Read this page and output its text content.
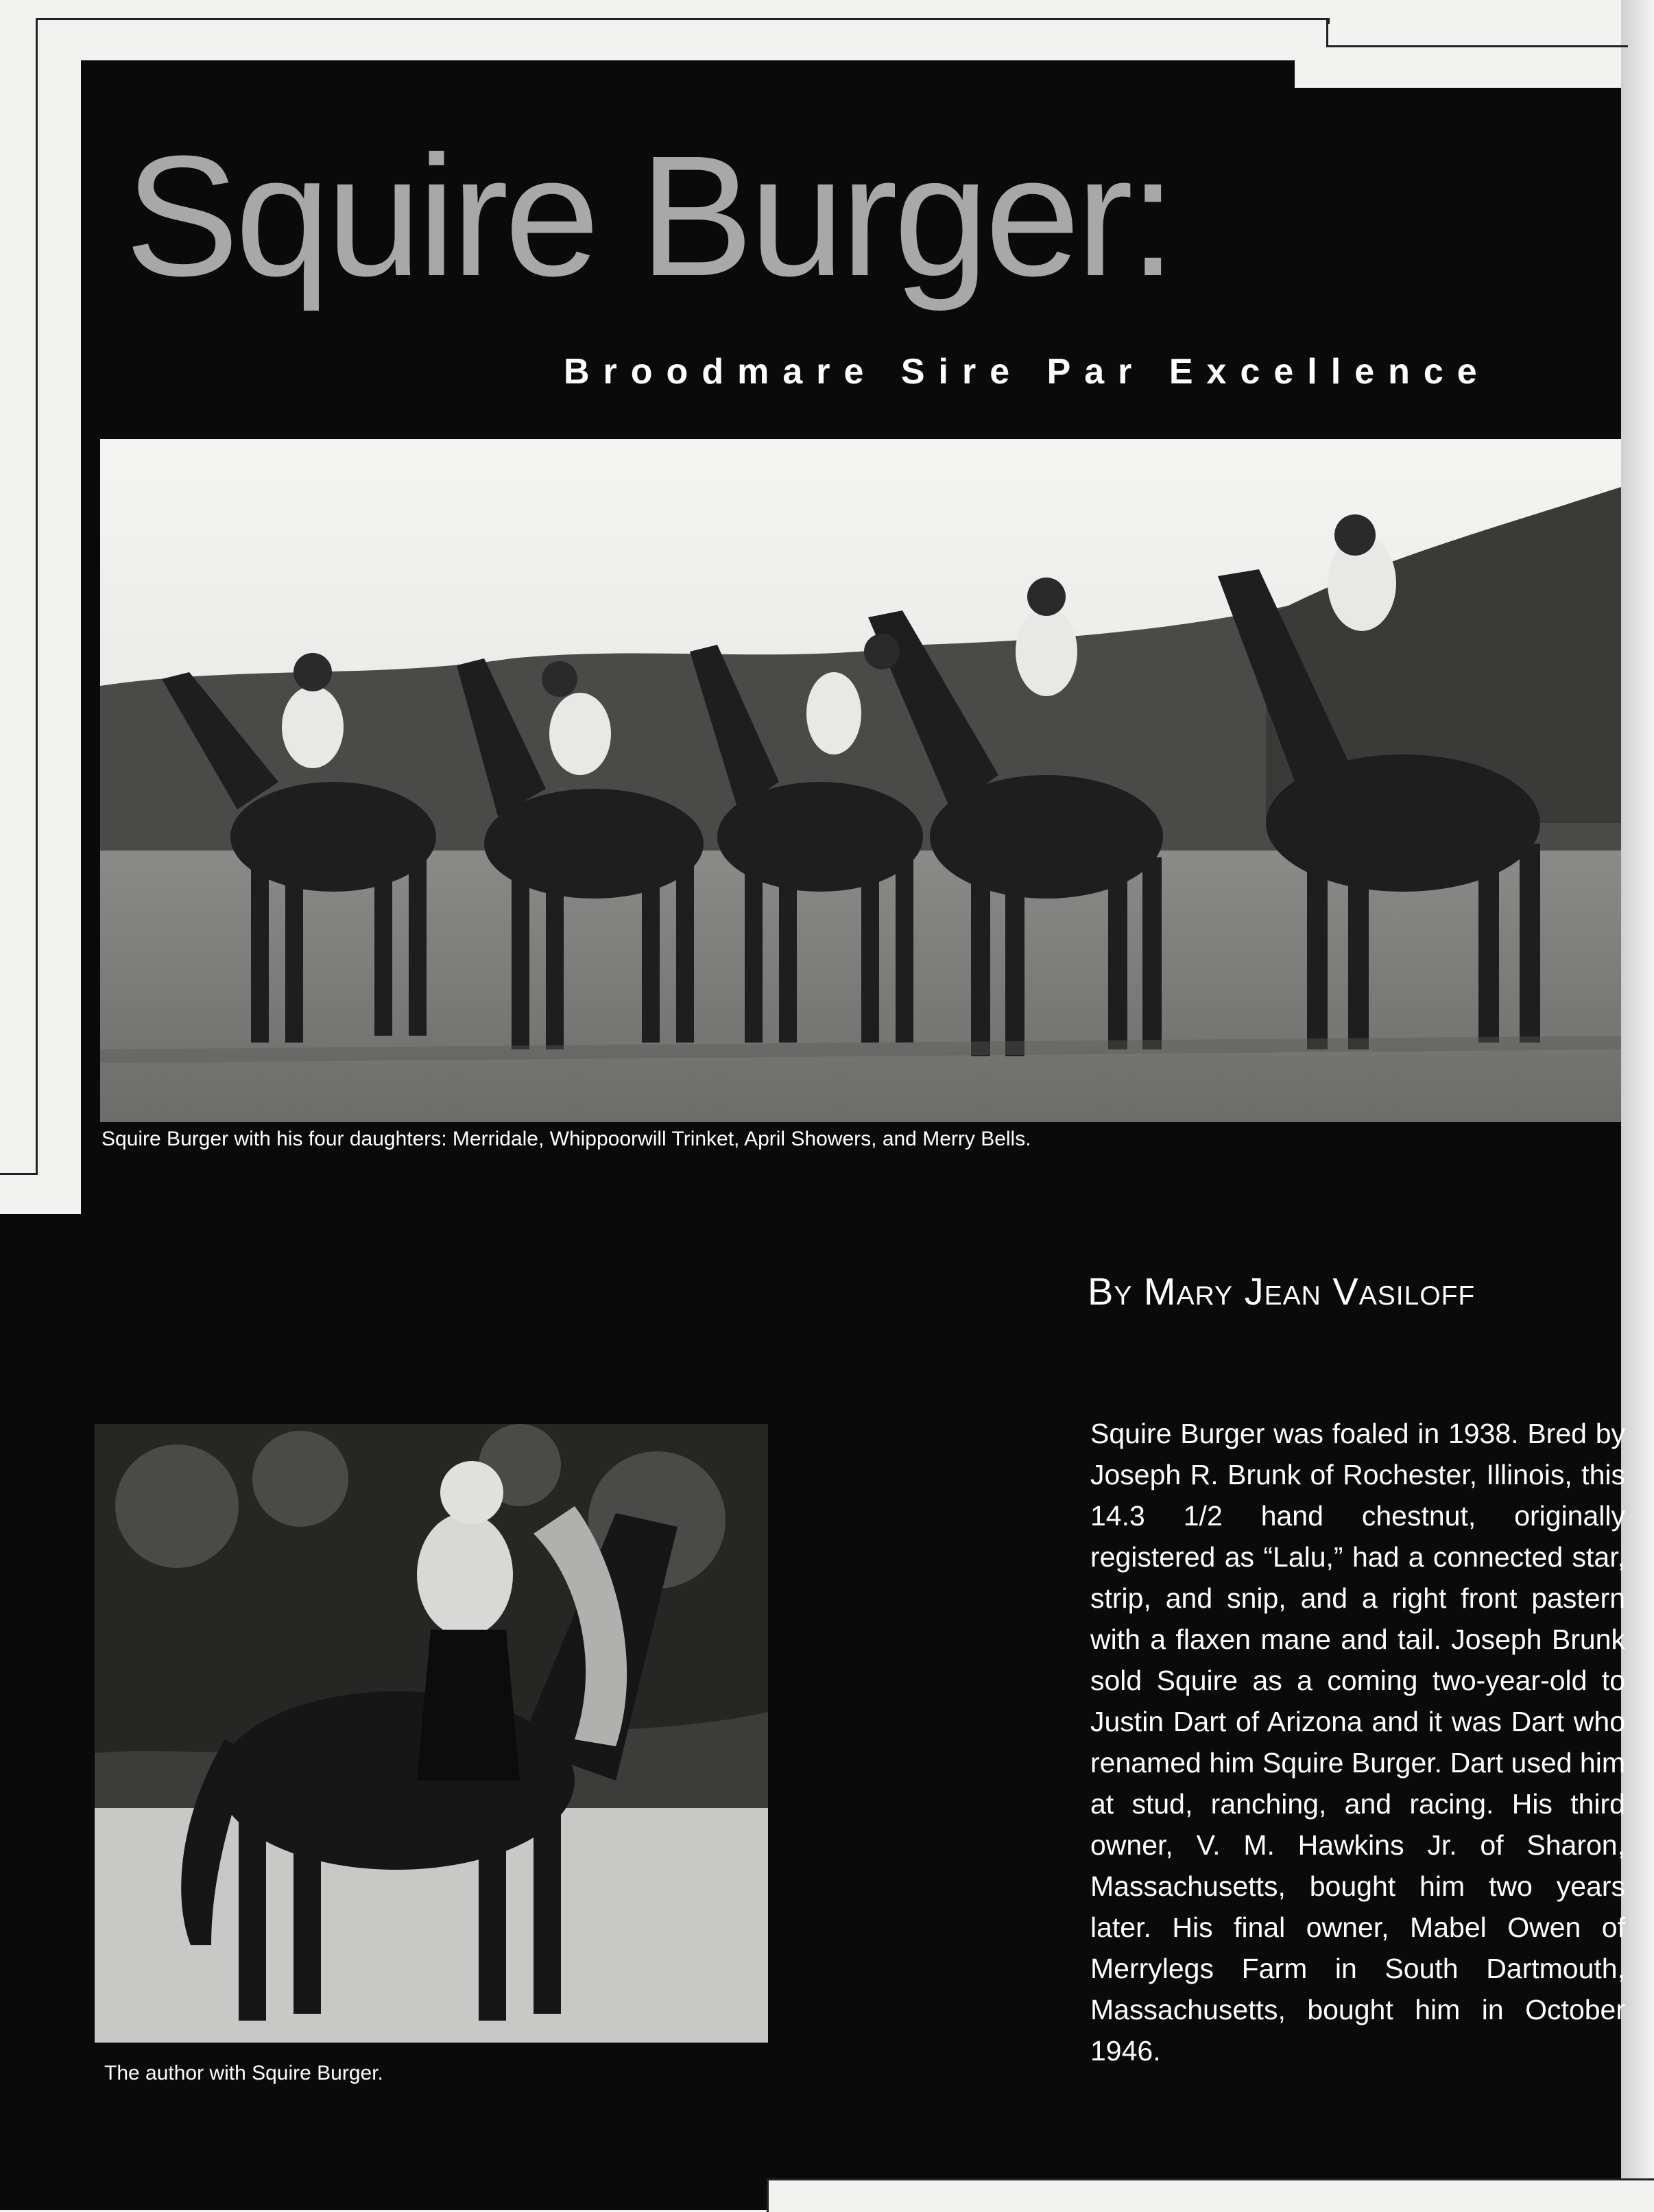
Squire Burger:
Broodmare Sire Par Excellence
Squire Burger with his four daughters: Merridale, Whippoorwill Trinket, April Showers, and Merry Bells.
By Mary Jean Vasiloff
The author with Squire Burger.
Squire Burger was foaled in 1938. Bred by Joseph R. Brunk of Rochester, Illinois, this 14.3 1/2 hand chestnut, originally registered as “Lalu,” had a connected star, strip, and snip, and a right front pastern with a flaxen mane and tail. Joseph Brunk sold Squire as a coming two-year-old to Justin Dart of Arizona and it was Dart who renamed him Squire Burger. Dart used him at stud, ranching, and racing. His third owner, V. M. Hawkins Jr. of Sharon, Massachusetts, bought him two years later. His final owner, Mabel Owen of Merrylegs Farm in South Dartmouth, Massachusetts, bought him in October 1946.
